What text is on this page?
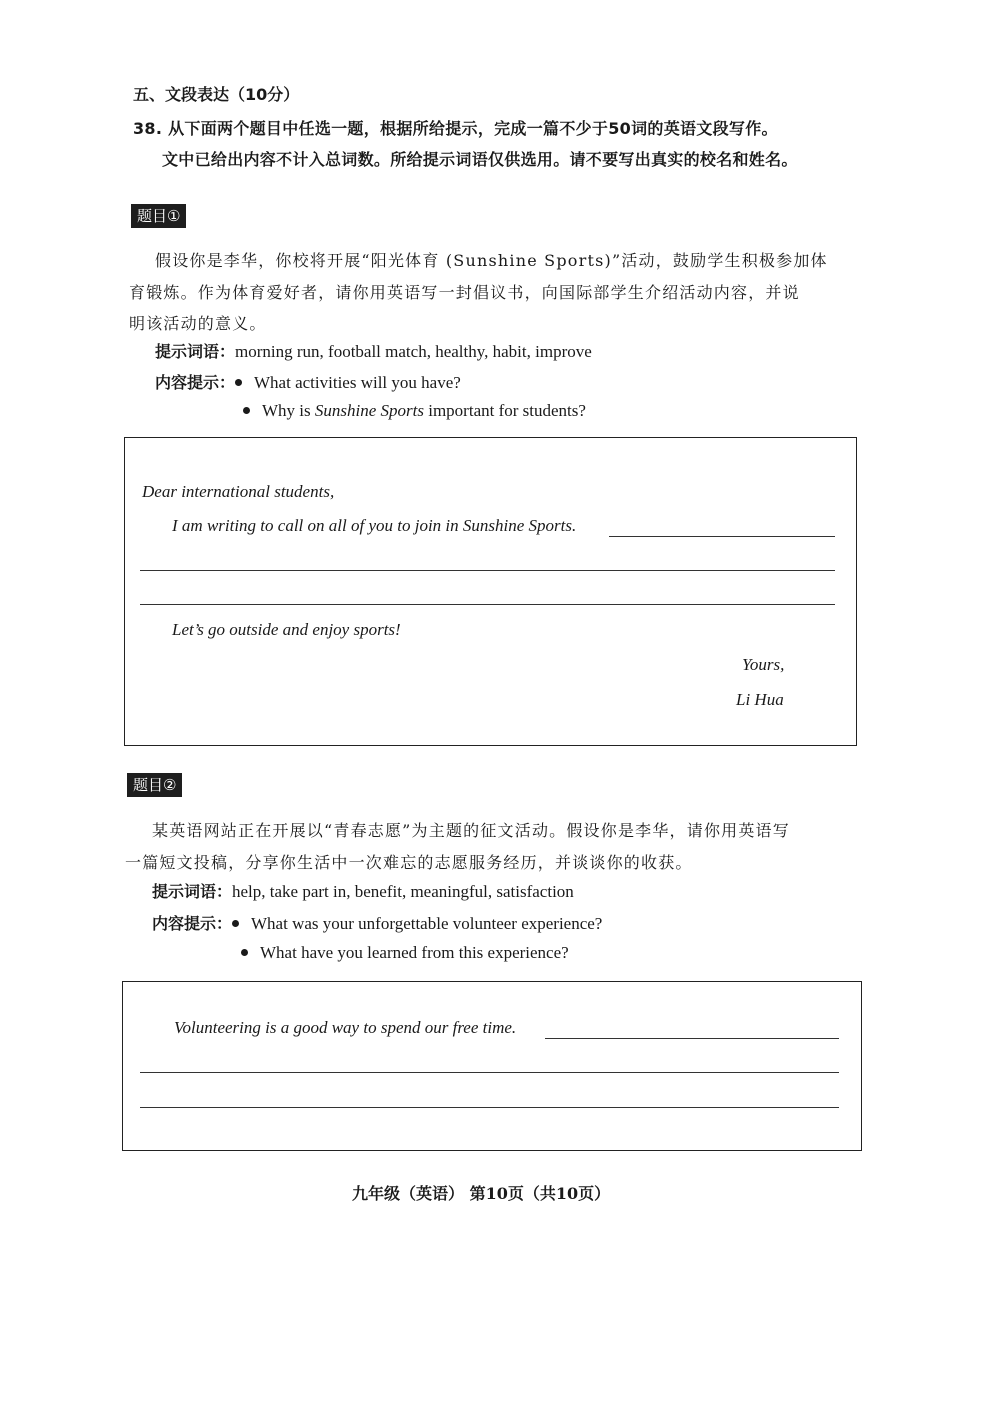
五、文段表达（10分）
38. 从下面两个题目中任选一题，根据所给提示，完成一篇不少于50词的英语文段写作。
文中已给出内容不计入总词数。所给提示词语仅供选用。请不要写出真实的校名和姓名。
题目①
假设你是李华，你校将开展“阳光体育 (Sunshine Sports)”活动，鼓励学生积极参加体
育锻炼。作为体育爱好者，请你用英语写一封倡议书，向国际部学生介绍活动内容，并说
明该活动的意义。
提示词语：morning run, football match, healthy, habit, improve
内容提示： What activities will you have?
Why is Sunshine Sports important for students?
Dear international students,
I am writing to call on all of you to join in Sunshine Sports.
Let’s go outside and enjoy sports!
Yours,
Li Hua
题目②
某英语网站正在开展以“青春志愿”为主题的征文活动。假设你是李华，请你用英语写
一篇短文投稿，分享你生活中一次难忘的志愿服务经历，并谈谈你的收获。
提示词语：help, take part in, benefit, meaningful, satisfaction
内容提示： What was your unforgettable volunteer experience?
What have you learned from this experience?
Volunteering is a good way to spend our free time.
九年级（英语） 第10页（共10页）
